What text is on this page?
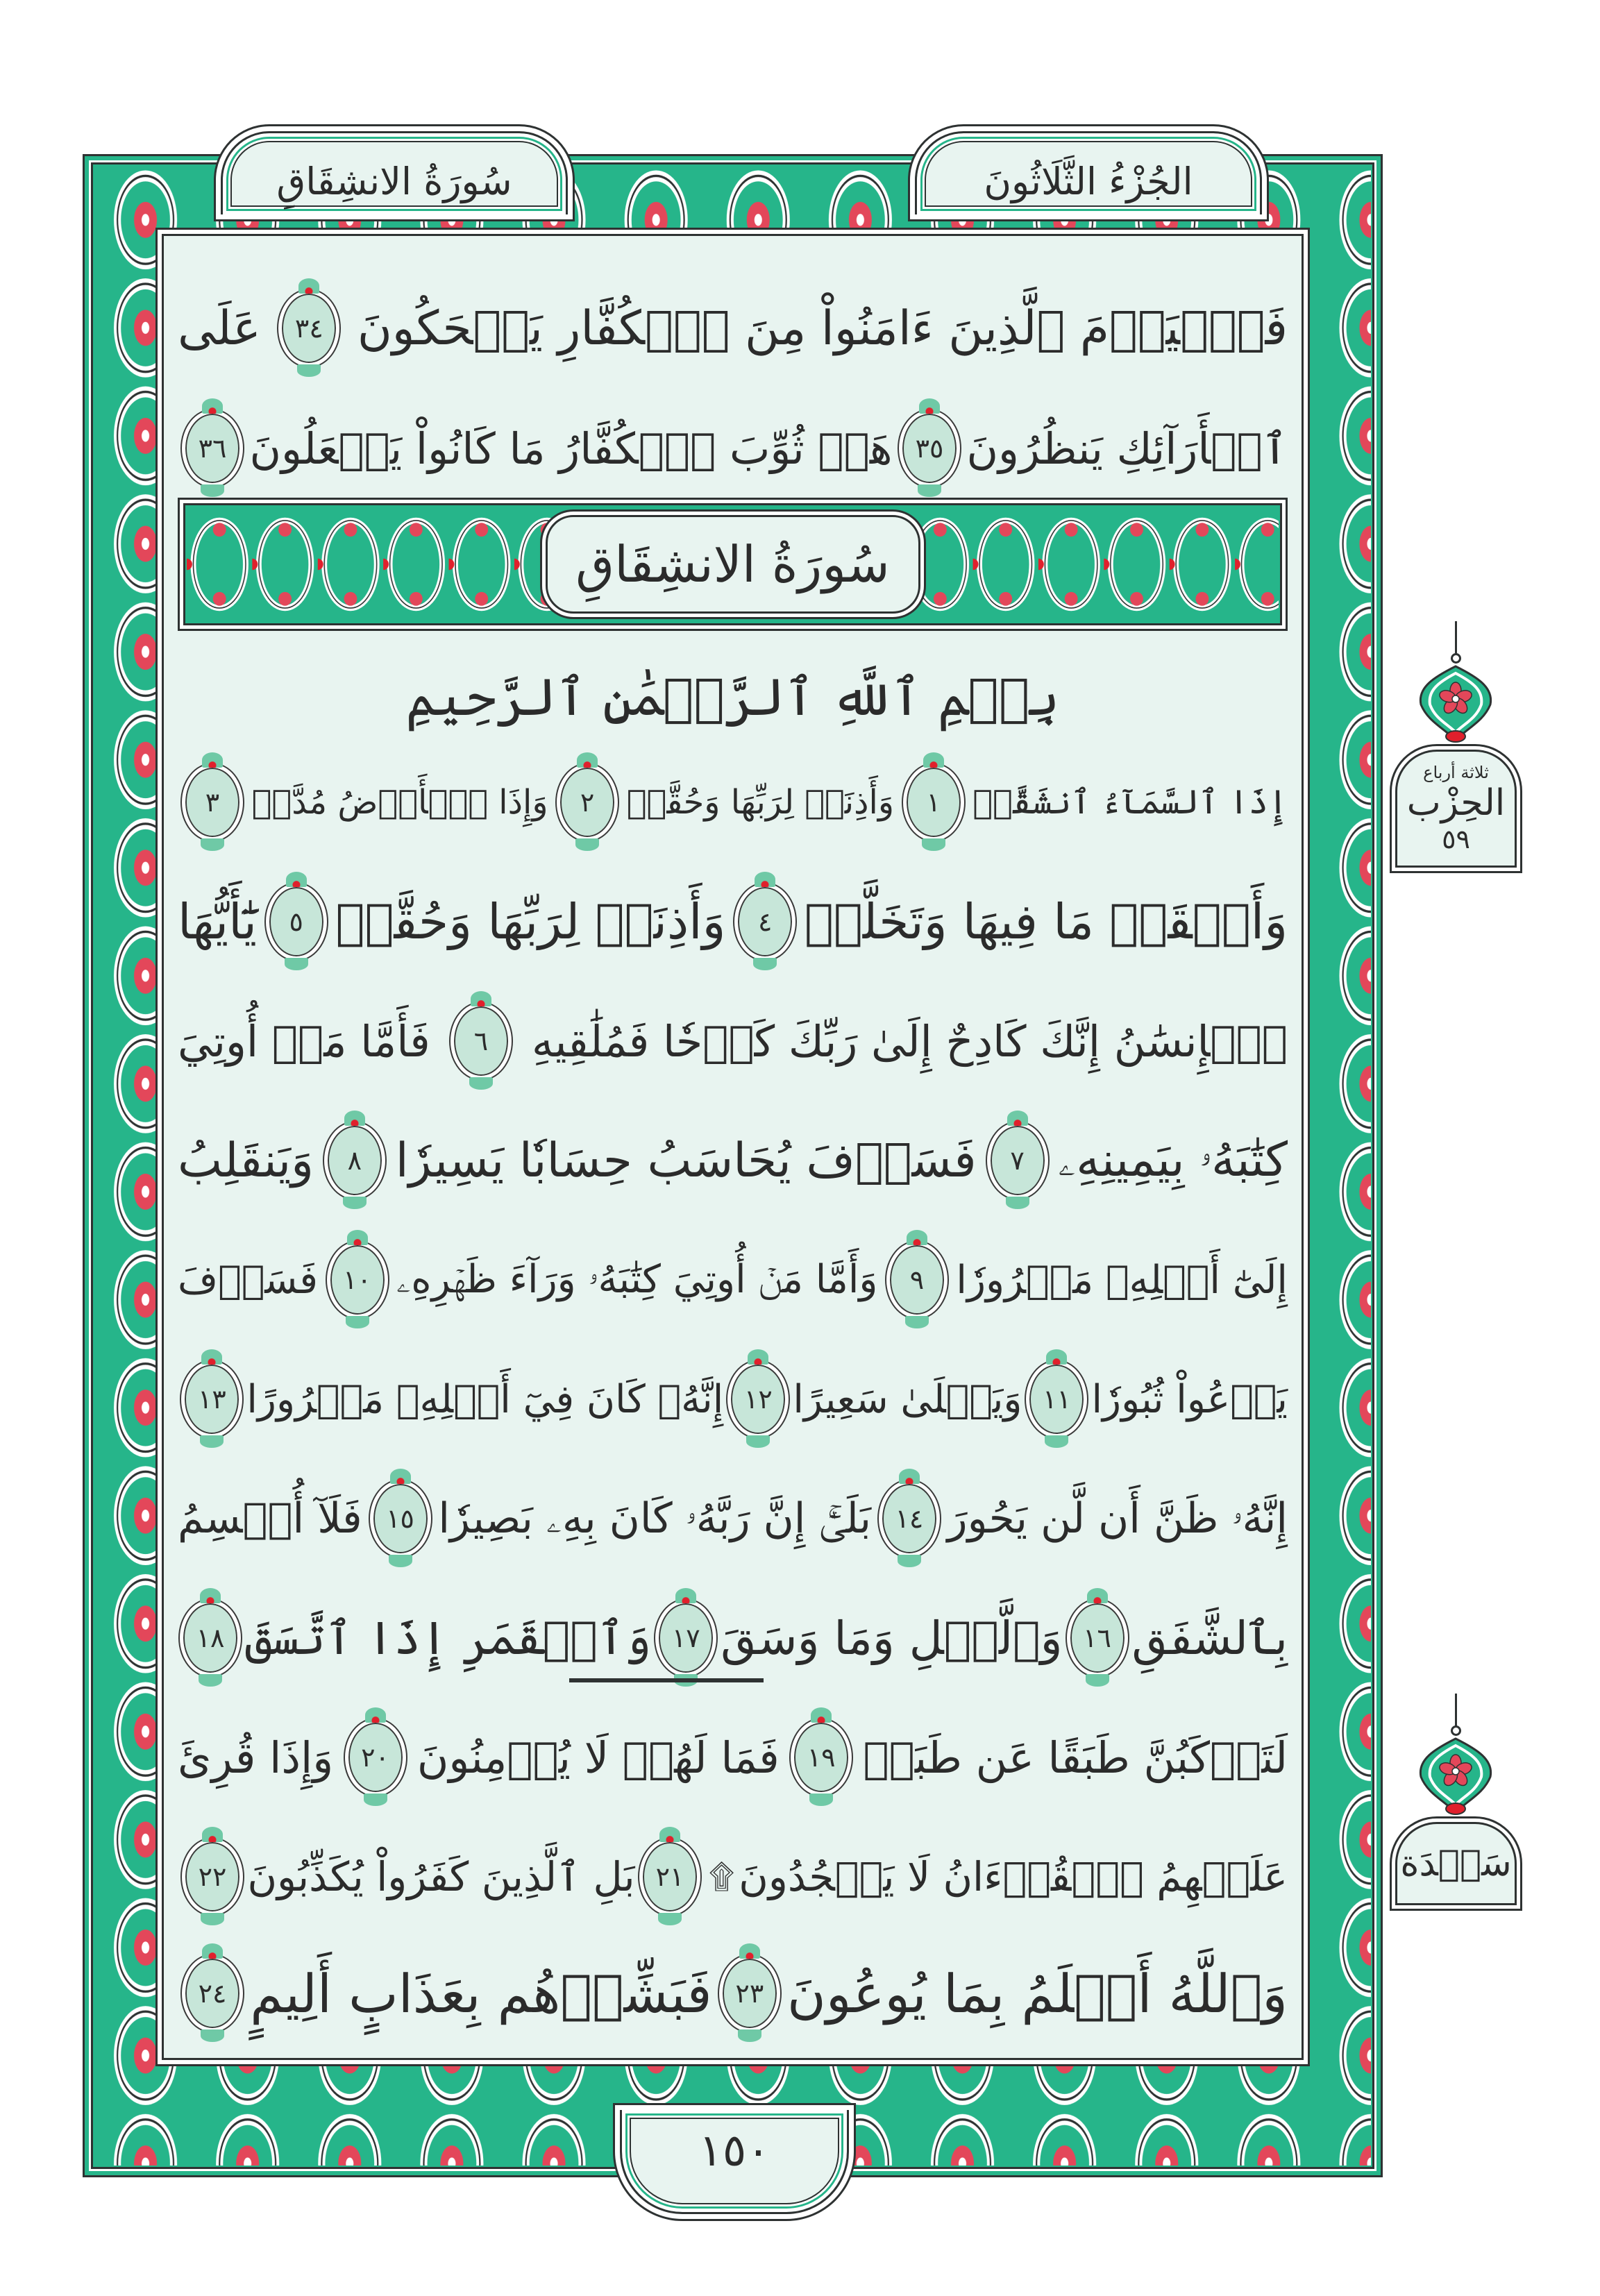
سُورَةُ الانشِقَاقِ	الجُزْءُ الثَّلَاثُونَ
فَٱلۡيَوۡمَ ٱلَّذِينَ ءَامَنُواْ مِنَ ٱلۡكُفَّارِ يَضۡحَكُونَ
٣٤
عَلَى
ٱلۡأَرَآئِكِ يَنظُرُونَ
٣٥
هَلۡ ثُوِّبَ ٱلۡكُفَّارُ مَا كَانُواْ يَفۡعَلُونَ
٣٦
سُورَةُ الانشِقَاقِ
بِسۡمِ ٱللَّهِ ٱلرَّحۡمَٰنِ ٱلرَّحِيمِ
إِذَا ٱلسَّمَآءُ ٱنشَقَّتۡ
١
وَأَذِنَتۡ لِرَبِّهَا وَحُقَّتۡ
٢
وَإِذَا ٱلۡأَرۡضُ مُدَّتۡ
٣
وَأَلۡقَتۡ مَا فِيهَا وَتَخَلَّتۡ
٤
وَأَذِنَتۡ لِرَبِّهَا وَحُقَّتۡ
٥
يَٰٓأَيُّهَا
ٱلۡإِنسَٰنُ إِنَّكَ كَادِحٌ إِلَىٰ رَبِّكَ كَدۡحٗا فَمُلَٰقِيهِ
٦
فَأَمَّا مَنۡ أُوتِيَ
كِتَٰبَهُۥ بِيَمِينِهِۦ
٧
فَسَوۡفَ يُحَاسَبُ حِسَابٗا يَسِيرٗا
٨
وَيَنقَلِبُ
إِلَىٰٓ أَهۡلِهِۦ مَسۡرُورٗا
٩
وَأَمَّا مَنۡ أُوتِيَ كِتَٰبَهُۥ وَرَآءَ ظَهۡرِهِۦ
١٠
فَسَوۡفَ
يَدۡعُواْ ثُبُورٗا
١١
وَيَصۡلَىٰ سَعِيرًا
١٢
إِنَّهُۥ كَانَ فِيٓ أَهۡلِهِۦ مَسۡرُورًا
١٣
إِنَّهُۥ ظَنَّ أَن لَّن يَحُورَ
١٤
بَلَىٰٓۚ إِنَّ رَبَّهُۥ كَانَ بِهِۦ بَصِيرٗا
١٥
فَلَآ أُقۡسِمُ
بِٱلشَّفَقِ
١٦
وَٱلَّيۡلِ وَمَا وَسَقَ
١٧
وَٱلۡقَمَرِ إِذَا ٱتَّسَقَ
١٨
لَتَرۡكَبُنَّ طَبَقًا عَن طَبَقٖ
١٩
فَمَا لَهُمۡ لَا يُؤۡمِنُونَ
٢٠
وَإِذَا قُرِئَ
عَلَيۡهِمُ ٱلۡقُرۡءَانُ لَا يَسۡجُدُونَ
۩
٢١
بَلِ ٱلَّذِينَ كَفَرُواْ يُكَذِّبُونَ
٢٢
وَٱللَّهُ أَعۡلَمُ بِمَا يُوعُونَ
٢٣
فَبَشِّرۡهُم بِعَذَابٍ أَلِيمٍ
٢٤
١٥٠
ثلاثة أرباع
الحِزْب
٥٩
سَجۡدَة
